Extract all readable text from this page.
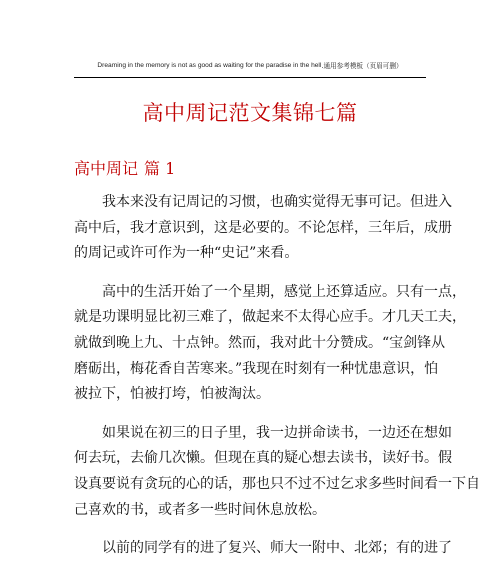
Dreaming in the memory is not as good as waiting for the paradise in the hell .通用参考模板（页眉可删）
高中周记范文集锦七篇
高中周记 篇 1
我本来没有记周记的习惯，也确实觉得无事可记。但进入
高中后，我才意识到，这是必要的。不论怎样，三年后，成册
的周记或许可作为一种“史记”来看。
高中的生活开始了一个星期，感觉上还算适应。只有一点，
就是功课明显比初三难了，做起来不太得心应手。才几天工夫，
就做到晚上九、十点钟。然而，我对此十分赞成。“宝剑锋从
磨砺出，梅花香自苦寒来。”我现在时刻有一种忧患意识，怕
被拉下，怕被打垮，怕被淘汰。
如果说在初三的日子里，我一边拼命读书，一边还在想如
何去玩，去偷几次懒。但现在真的疑心想去读书，读好书。假
设真要说有贪玩的心的话，那也只不过不过乞求多些时间看一下自
己喜欢的书，或者多一些时间休息放松。
以前的同学有的进了复兴、师大一附中、北郊；有的进了
